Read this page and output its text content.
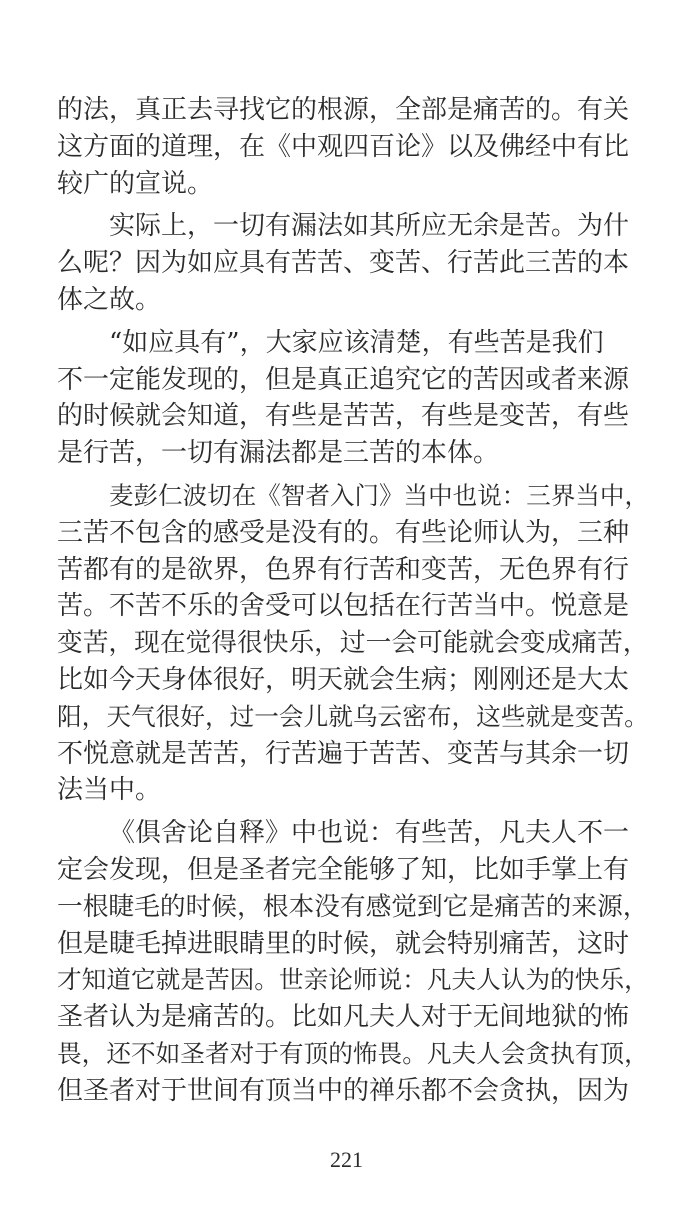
的法，真正去寻找它的根源，全部是痛苦的。有关
这方面的道理，在《中观四百论》以及佛经中有比
较广的宣说。
实际上，一切有漏法如其所应无余是苦。为什
么呢？因为如应具有苦苦、变苦、行苦此三苦的本
体之故。
“如应具有”，大家应该清楚，有些苦是我们
不一定能发现的，但是真正追究它的苦因或者来源
的时候就会知道，有些是苦苦，有些是变苦，有些
是行苦，一切有漏法都是三苦的本体。
麦彭仁波切在《智者入门》当中也说：三界当中，
三苦不包含的感受是没有的。有些论师认为，三种
苦都有的是欲界，色界有行苦和变苦，无色界有行
苦。不苦不乐的舍受可以包括在行苦当中。悦意是
变苦，现在觉得很快乐，过一会可能就会变成痛苦，
比如今天身体很好，明天就会生病；刚刚还是大太
阳，天气很好，过一会儿就乌云密布，这些就是变苦。
不悦意就是苦苦，行苦遍于苦苦、变苦与其余一切
法当中。
《俱舍论自释》中也说：有些苦，凡夫人不一
定会发现，但是圣者完全能够了知，比如手掌上有
一根睫毛的时候，根本没有感觉到它是痛苦的来源，
但是睫毛掉进眼睛里的时候，就会特别痛苦，这时
才知道它就是苦因。世亲论师说：凡夫人认为的快乐，
圣者认为是痛苦的。比如凡夫人对于无间地狱的怖
畏，还不如圣者对于有顶的怖畏。凡夫人会贪执有顶，
但圣者对于世间有顶当中的禅乐都不会贪执，因为
221
